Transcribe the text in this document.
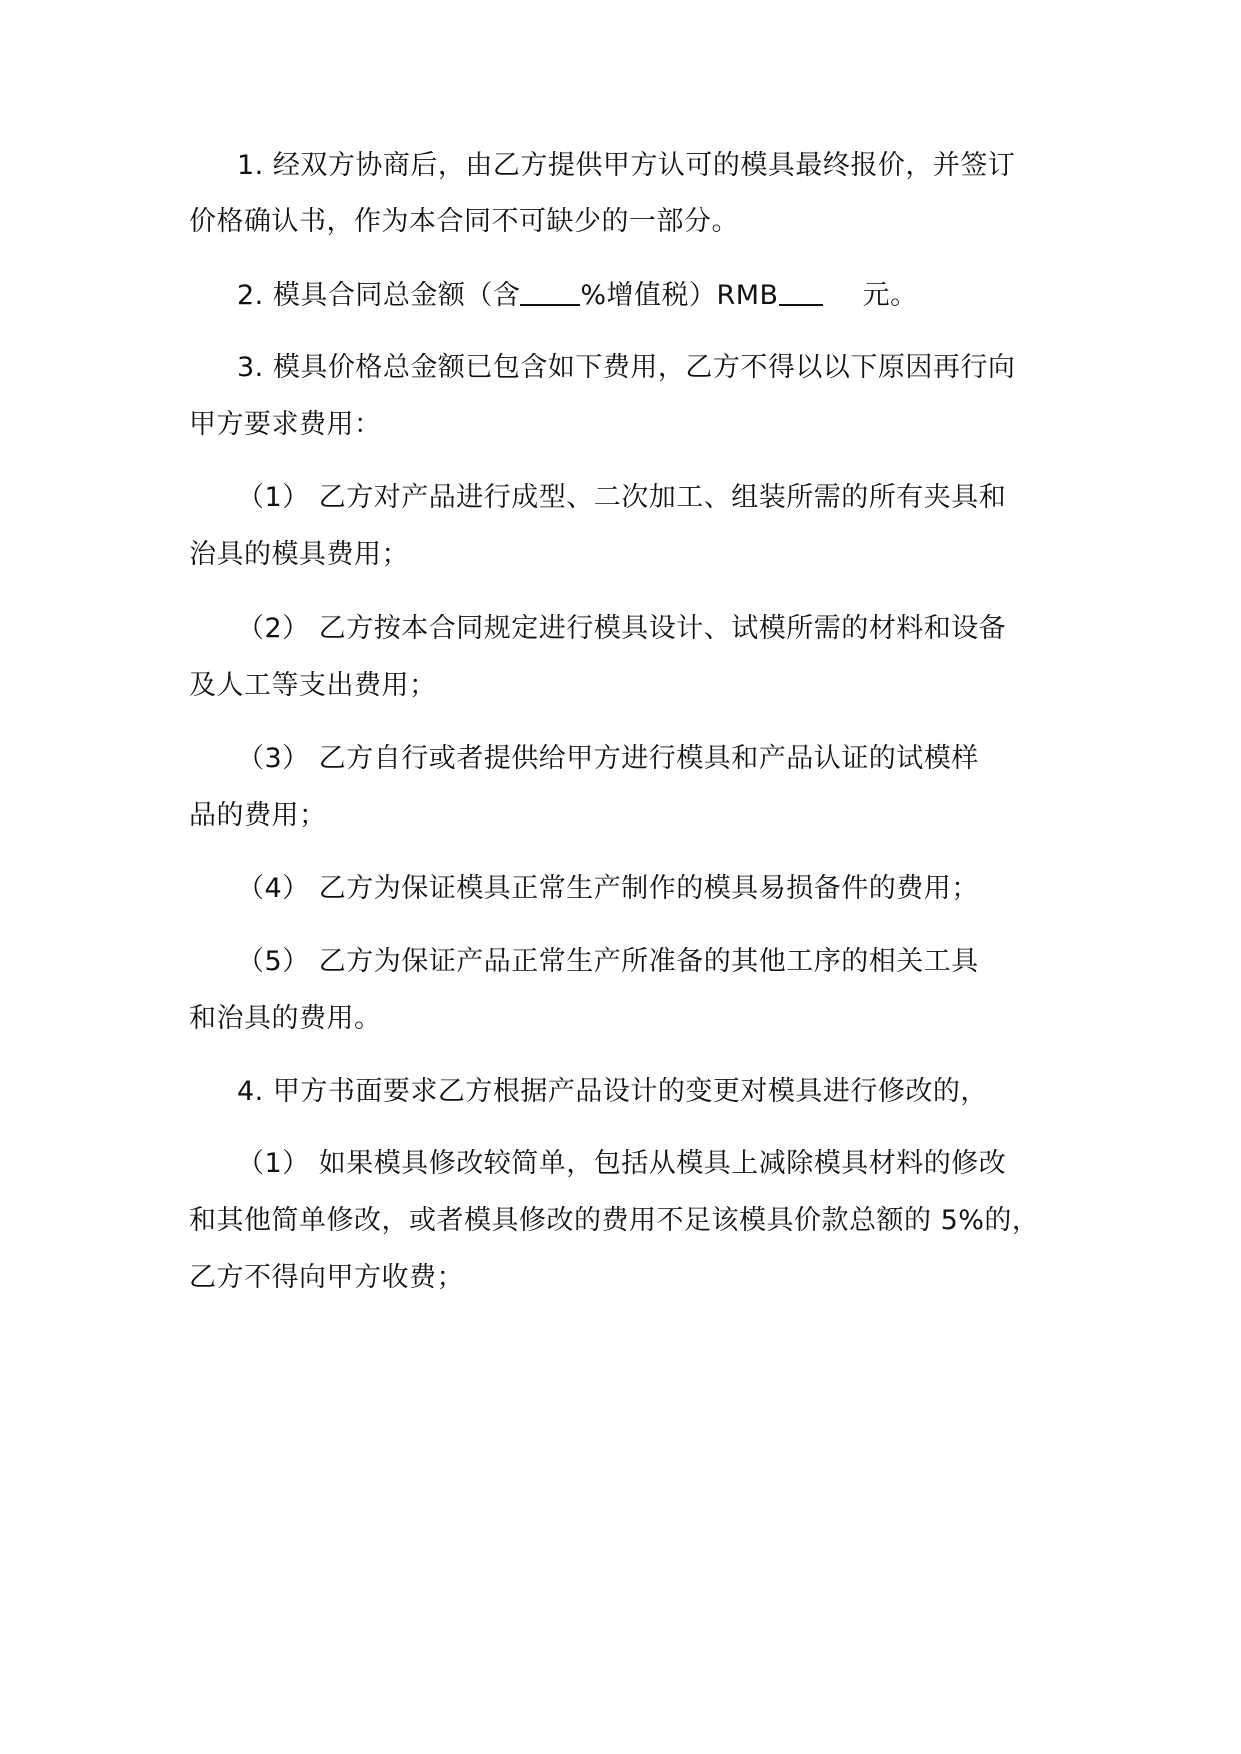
1. 经双方协商后，由乙方提供甲方认可的模具最终报价，并签订
价格确认书，作为本合同不可缺少的一部分。
2. 模具合同总金额（含 %增值税）RMB	元。
3. 模具价格总金额已包含如下费用，乙方不得以以下原因再行向
甲方要求费用：
（1） 乙方对产品进行成型、二次加工、组装所需的所有夹具和
治具的模具费用；
（2） 乙方按本合同规定进行模具设计、试模所需的材料和设备
及人工等支出费用；
（3） 乙方自行或者提供给甲方进行模具和产品认证的试模样
品的费用；
（4） 乙方为保证模具正常生产制作的模具易损备件的费用；
（5） 乙方为保证产品正常生产所准备的其他工序的相关工具
和治具的费用。
4. 甲方书面要求乙方根据产品设计的变更对模具进行修改的，
（1） 如果模具修改较简单，包括从模具上减除模具材料的修改
和其他简单修改，或者模具修改的费用不足该模具价款总额的 5%的，
乙方不得向甲方收费；
